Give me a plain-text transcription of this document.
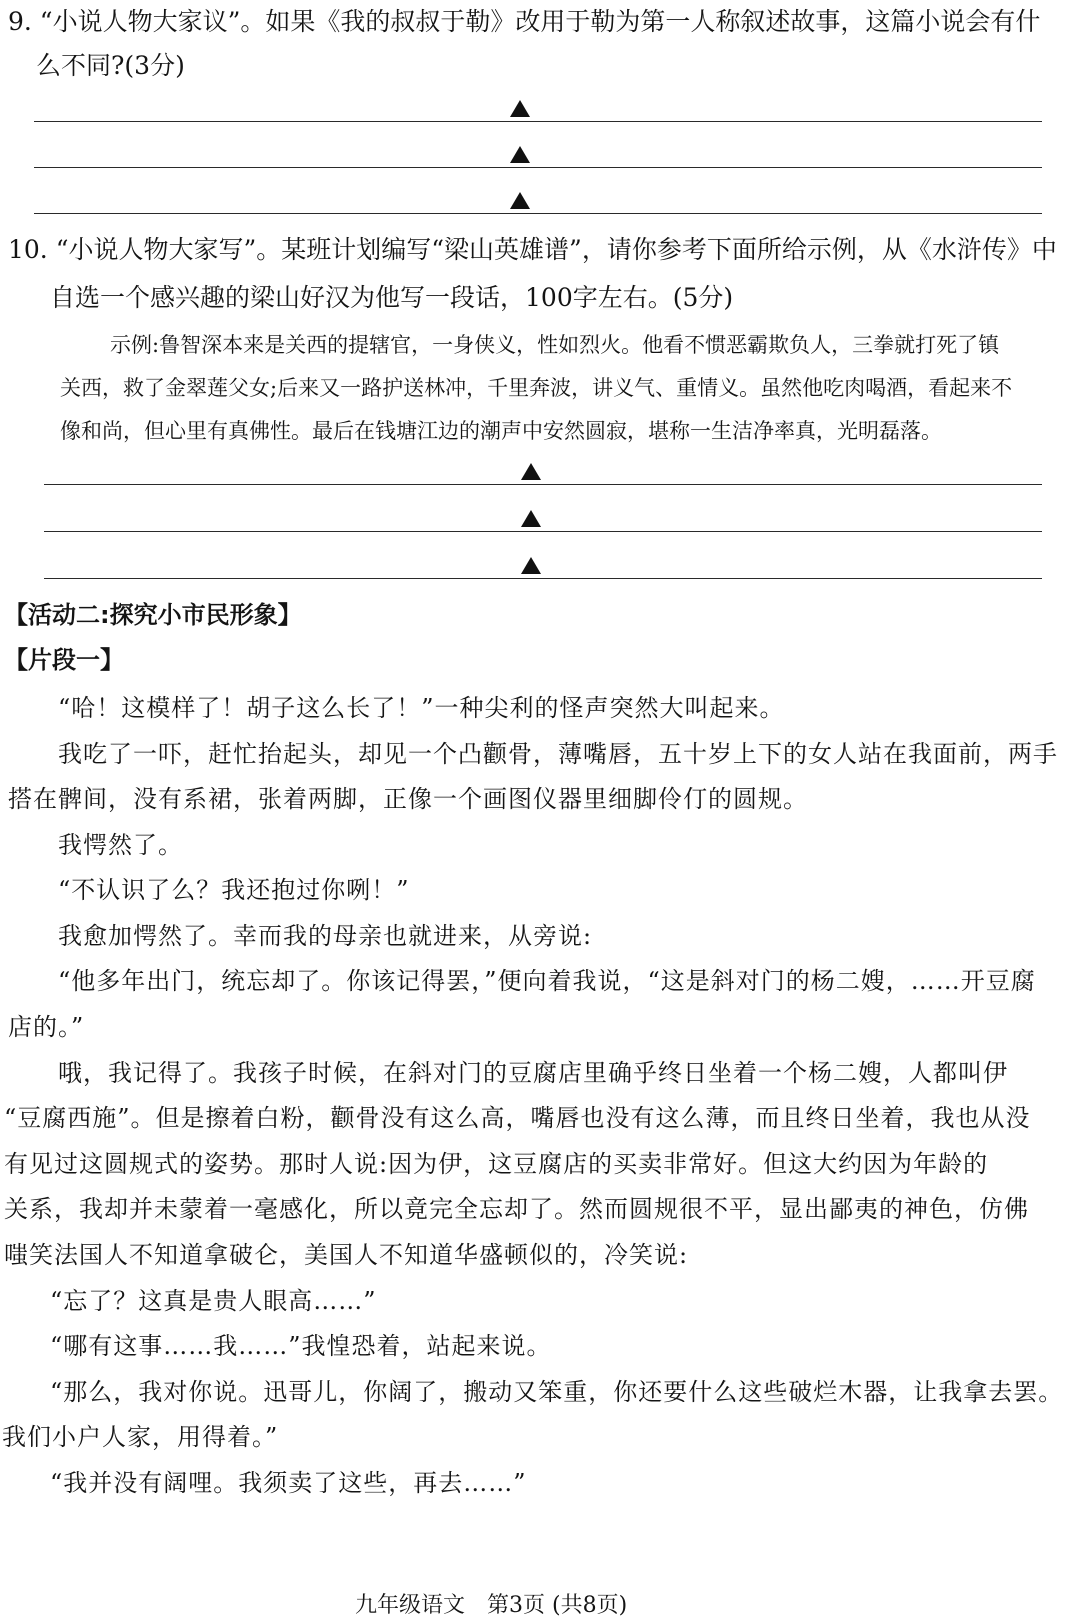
9. “小说人物大家议”。如果《我的叔叔于勒》改用于勒为第一人称叙述故事，这篇小说会有什
么不同?(3分)
10. “小说人物大家写”。某班计划编写“梁山英雄谱”，请你参考下面所给示例，从《水浒传》中
自选一个感兴趣的梁山好汉为他写一段话，100字左右。(5分)
示例:鲁智深本来是关西的提辖官，一身侠义，性如烈火。他看不惯恶霸欺负人，三拳就打死了镇
关西，救了金翠莲父女;后来又一路护送林冲，千里奔波，讲义气、重情义。虽然他吃肉喝酒，看起来不
像和尚，但心里有真佛性。最后在钱塘江边的潮声中安然圆寂，堪称一生洁净率真，光明磊落。
【活动二:探究小市民形象】
【片段一】
“哈！这模样了！胡子这么长了！”一种尖利的怪声突然大叫起来。
我吃了一吓，赶忙抬起头，却见一个凸颧骨，薄嘴唇，五十岁上下的女人站在我面前，两手
搭在髀间，没有系裙，张着两脚，正像一个画图仪器里细脚伶仃的圆规。
我愕然了。
“不认识了么？我还抱过你咧！”
我愈加愕然了。幸而我的母亲也就进来，从旁说:
“他多年出门，统忘却了。你该记得罢，”便向着我说，“这是斜对门的杨二嫂，……开豆腐
店的。”
哦，我记得了。我孩子时候，在斜对门的豆腐店里确乎终日坐着一个杨二嫂，人都叫伊
“豆腐西施”。但是擦着白粉，颧骨没有这么高，嘴唇也没有这么薄，而且终日坐着，我也从没
有见过这圆规式的姿势。那时人说:因为伊，这豆腐店的买卖非常好。但这大约因为年龄的
关系，我却并未蒙着一毫感化，所以竟完全忘却了。然而圆规很不平，显出鄙夷的神色，仿佛
嗤笑法国人不知道拿破仑，美国人不知道华盛顿似的，冷笑说:
“忘了？这真是贵人眼高……”
“哪有这事……我……”我惶恐着，站起来说。
“那么，我对你说。迅哥儿，你阔了，搬动又笨重，你还要什么这些破烂木器，让我拿去罢。
我们小户人家，用得着。”
“我并没有阔哩。我须卖了这些，再去……”
九年级语文　第3页 (共8页)
